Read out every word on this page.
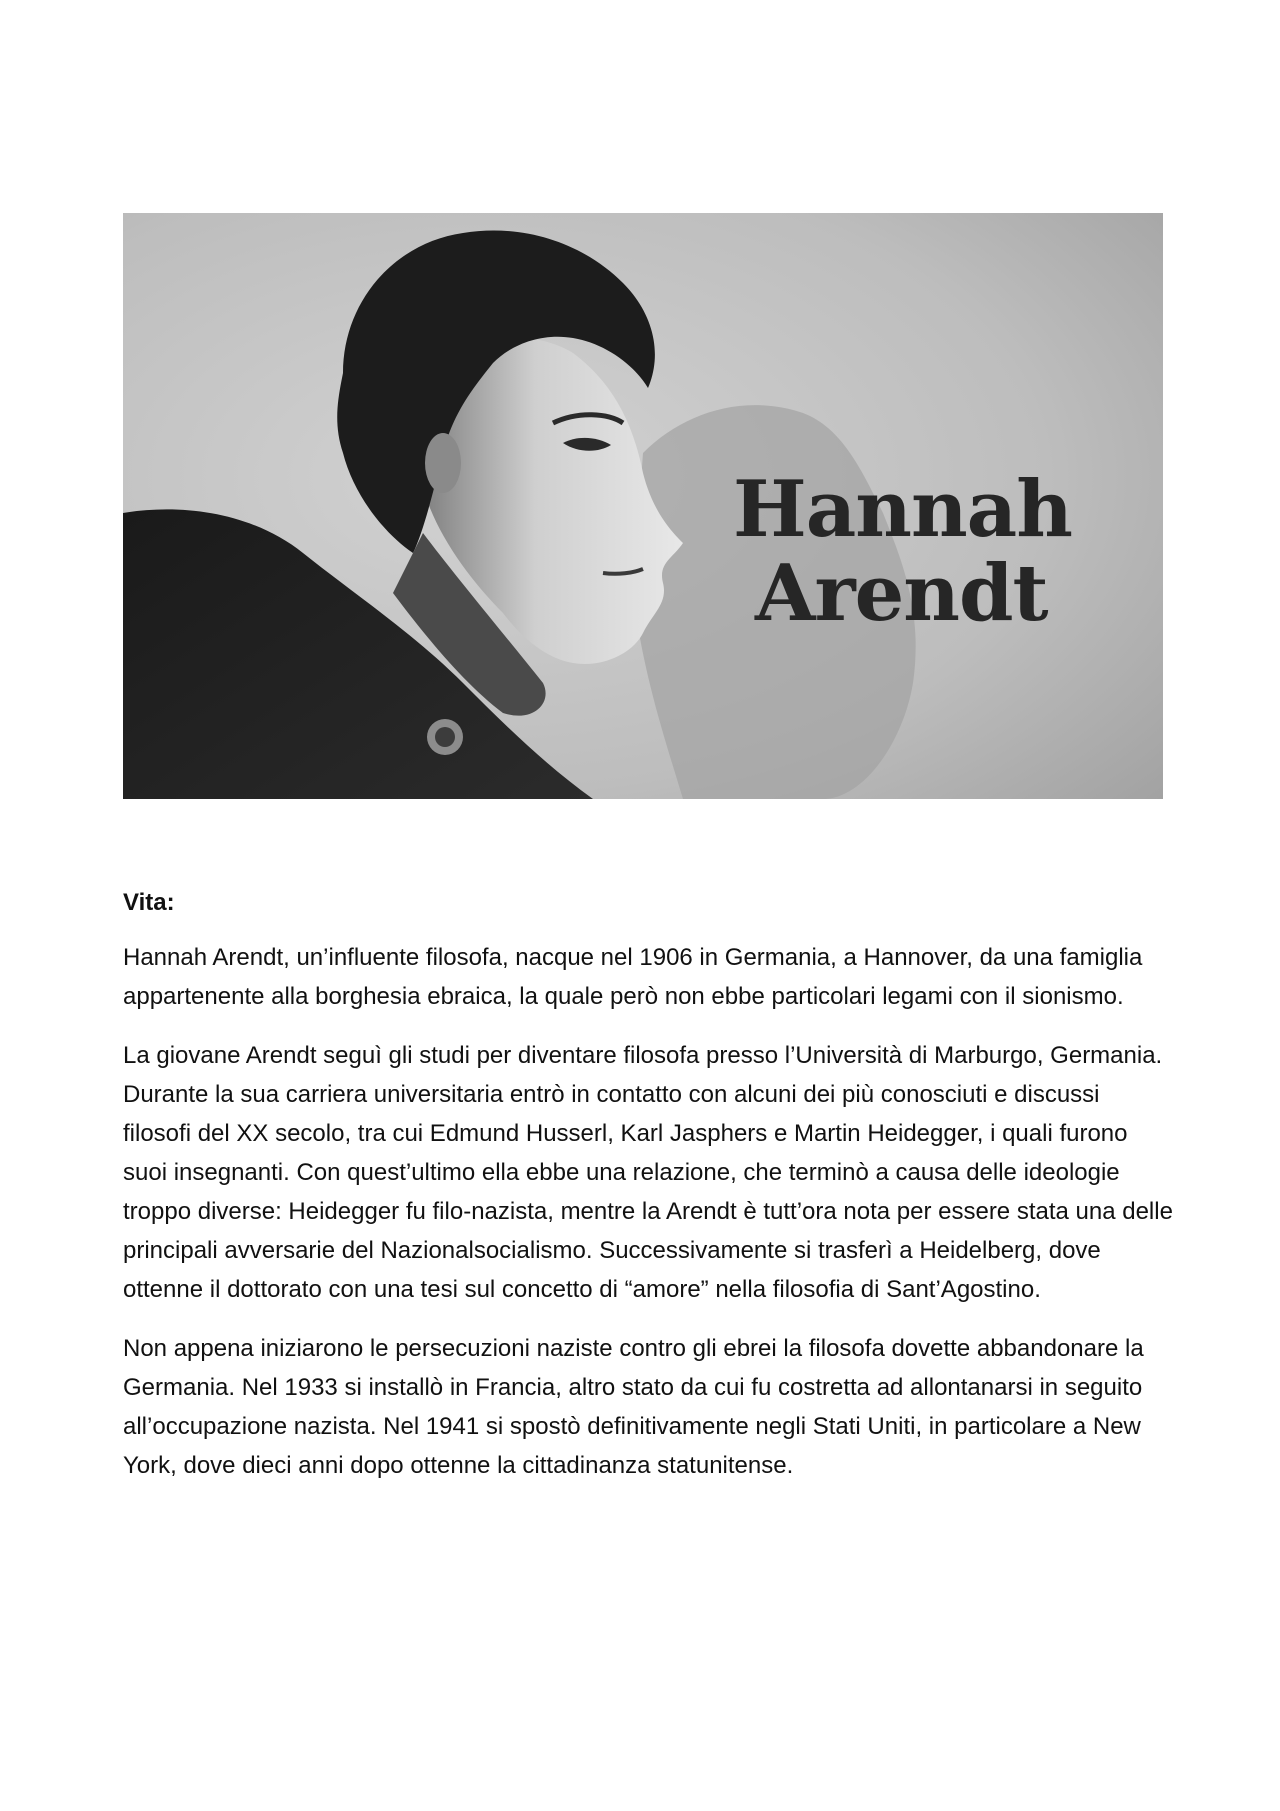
Hannah
Arendt
Vita:

Hannah Arendt, un’influente filosofa, nacque nel 1906 in Germania, a Hannover, da una famiglia appartenente alla borghesia ebraica, la quale però non ebbe particolari legami con il sionismo.

La giovane Arendt seguì gli studi per diventare filosofa presso l’Università di Marburgo, Germania. Durante la sua carriera universitaria entrò in contatto con alcuni dei più conosciuti e discussi filosofi del XX secolo, tra cui Edmund Husserl, Karl Jasphers e Martin Heidegger, i quali furono suoi insegnanti. Con quest’ultimo ella ebbe una relazione, che terminò a causa delle ideologie troppo diverse: Heidegger fu filo-nazista, mentre la Arendt è tutt’ora nota per essere stata una delle principali avversarie del Nazionalsocialismo. Successivamente si trasferì a Heidelberg, dove ottenne il dottorato con una tesi sul concetto di “amore” nella filosofia di Sant’Agostino.

Non appena iniziarono le persecuzioni naziste contro gli ebrei la filosofa dovette abbandonare la Germania. Nel 1933 si installò in Francia, altro stato da cui fu costretta ad allontanarsi in seguito all’occupazione nazista. Nel 1941 si spostò definitivamente negli Stati Uniti, in particolare a New York, dove dieci anni dopo ottenne la cittadinanza statunitense.
